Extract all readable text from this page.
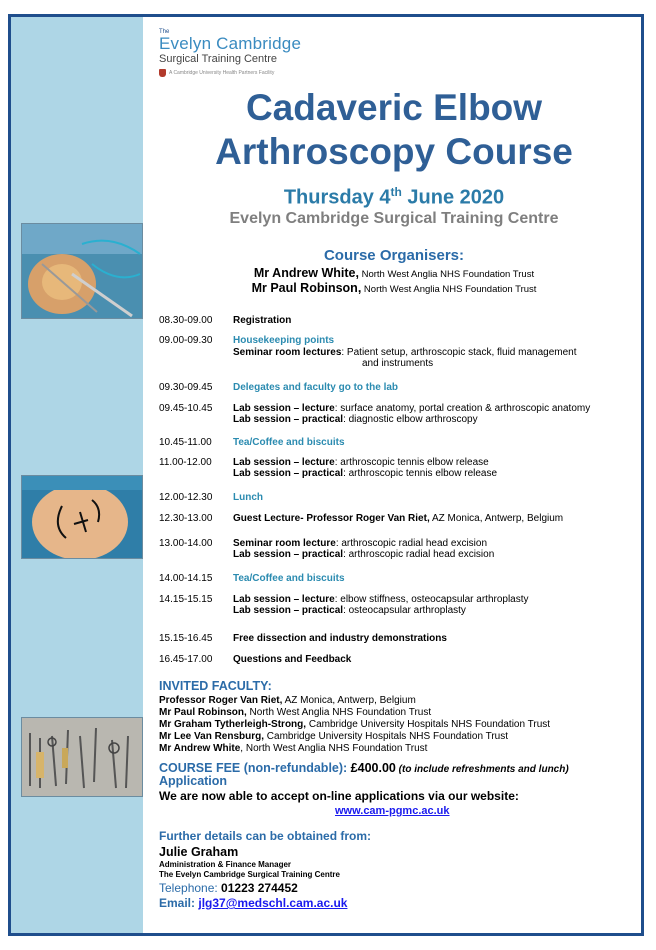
The
Evelyn Cambridge
Surgical Training Centre
A Cambridge University Health Partners Facility
Cadaveric Elbow
Arthroscopy Course
Thursday 4th June 2020
Evelyn Cambridge Surgical Training Centre
Course Organisers:
Mr Andrew White, North West Anglia NHS Foundation Trust
Mr Paul Robinson, North West Anglia NHS Foundation Trust
08.30-09.00 Registration
09.00-09.30 Housekeeping points
Seminar room lectures: Patient setup, arthroscopic stack, fluid management
and instruments
09.30-09.45 Delegates and faculty go to the lab
09.45-10.45 Lab session – lecture: surface anatomy, portal creation & arthroscopic anatomy
Lab session – practical: diagnostic elbow arthroscopy
10.45-11.00 Tea/Coffee and biscuits
11.00-12.00 Lab session – lecture: arthroscopic tennis elbow release
Lab session – practical: arthroscopic tennis elbow release
12.00-12.30 Lunch
12.30-13.00 Guest Lecture- Professor Roger Van Riet, AZ Monica, Antwerp, Belgium
13.00-14.00 Seminar room lecture: arthroscopic radial head excision
Lab session – practical: arthroscopic radial head excision
14.00-14.15 Tea/Coffee and biscuits
14.15-15.15 Lab session – lecture: elbow stiffness, osteocapsular arthroplasty
Lab session – practical: osteocapsular arthroplasty
15.15-16.45 Free dissection and industry demonstrations
16.45-17.00 Questions and Feedback
INVITED FACULTY:
Professor Roger Van Riet, AZ Monica, Antwerp, Belgium
Mr Paul Robinson, North West Anglia NHS Foundation Trust
Mr Graham Tytherleigh-Strong, Cambridge University Hospitals NHS Foundation Trust
Mr Lee Van Rensburg, Cambridge University Hospitals NHS Foundation Trust
Mr Andrew White, North West Anglia NHS Foundation Trust
COURSE FEE (non-refundable): £400.00 (to include refreshments and lunch)
Application
We are now able to accept on-line applications via our website:
www.cam-pgmc.ac.uk
Further details can be obtained from:
Julie Graham
Administration & Finance Manager
The Evelyn Cambridge Surgical Training Centre
Telephone: 01223 274452
Email: jlg37@medschl.cam.ac.uk
